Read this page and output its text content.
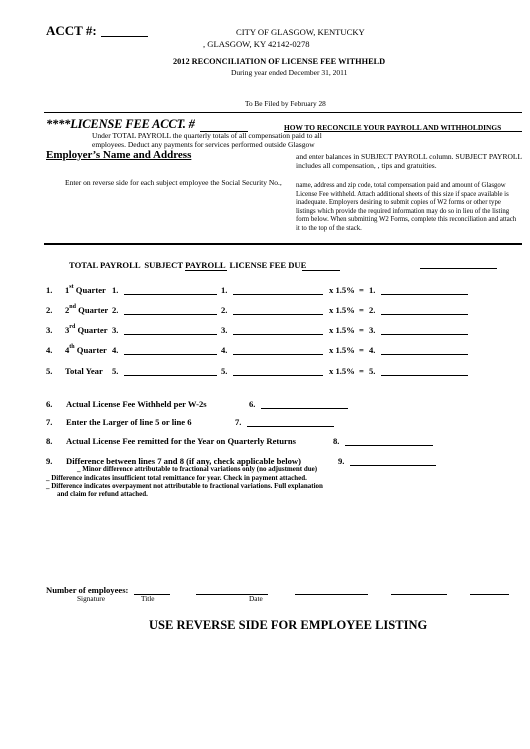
ACCT #:	CITY OF GLASGOW, KENTUCKY
, GLASGOW, KY 42142-0278
2012 RECONCILIATION OF LICENSE FEE WITHHELD
During year ended December 31, 2011
To Be Filed by February 28
****LICENSE FEE ACCT. #	HOW TO RECONCILE YOUR PAYROLL AND WITHHOLDINGS
Under TOTAL PAYROLL the quarterly totals of all compensation paid to all
employees. Deduct any payments for services performed outside Glasgow
Employer’s Name and Address	and enter balances in SUBJECT PAYROLL column. SUBJECT PAYROLL
includes all compensation, , tips and gratuities.
Enter on reverse side for each subject employee the Social Security No., name, address and zip code, total compensation paid and amount of Glasgow License Fee withheld. Attach additional sheets of this size if space available is inadequate. Employers desiring to submit copies of W2 forms or other type listings which provide the required information may do so in lieu of the listing form below. When submitting W2 Forms, complete this reconciliation and attach it to the top of the stack.
TOTAL PAYROLL SUBJECT PAYROLL LICENSE FEE DUE
1. 1st Quarter 1.	1.	x 1.5% = 1.
2. 2nd Quarter 2.	2.	x 1.5% = 2.
3. 3rd Quarter 3.	3.	x 1.5% = 3.
4. 4th Quarter 4.	4.	x 1.5% = 4.
5. Total Year 5.	5.	x 1.5% = 5.
6. Actual License Fee Withheld per W-2s	6.
7. Enter the Larger of line 5 or line 6	7.
8. Actual License Fee remitted for the Year on Quarterly Returns	8.
9. Difference between lines 7 and 8 (if any, check applicable below)	9.
_ Minor difference attributable to fractional variations only (no adjustment due)
_ Difference indicates insufficient total remittance for year. Check in payment attached.
_ Difference indicates overpayment not attributable to fractional variations. Full explanation
and claim for refund attached.
Number of employees:
Signature	Title	Date
USE REVERSE SIDE FOR EMPLOYEE LISTING
